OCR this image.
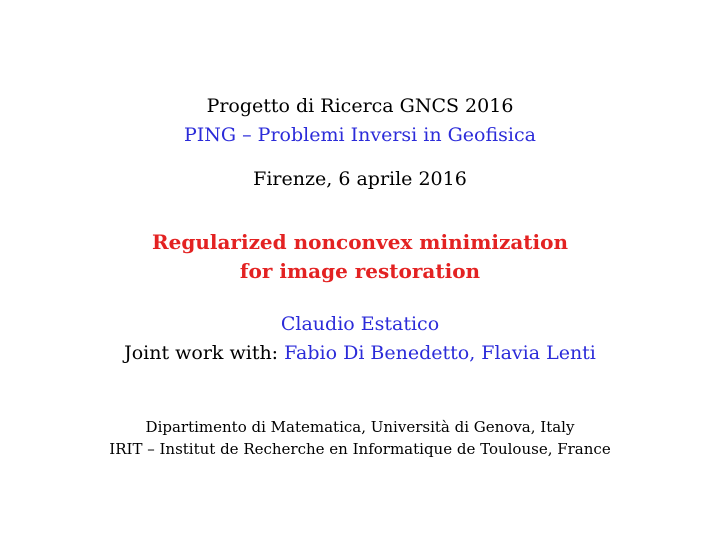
Progetto di Ricerca GNCS 2016
PING – Problemi Inversi in Geofisica
Firenze, 6 aprile 2016
Regularized nonconvex minimization
for image restoration
Claudio Estatico
Joint work with: Fabio Di Benedetto, Flavia Lenti
Dipartimento di Matematica, Università di Genova, Italy
IRIT – Institut de Recherche en Informatique de Toulouse, France
